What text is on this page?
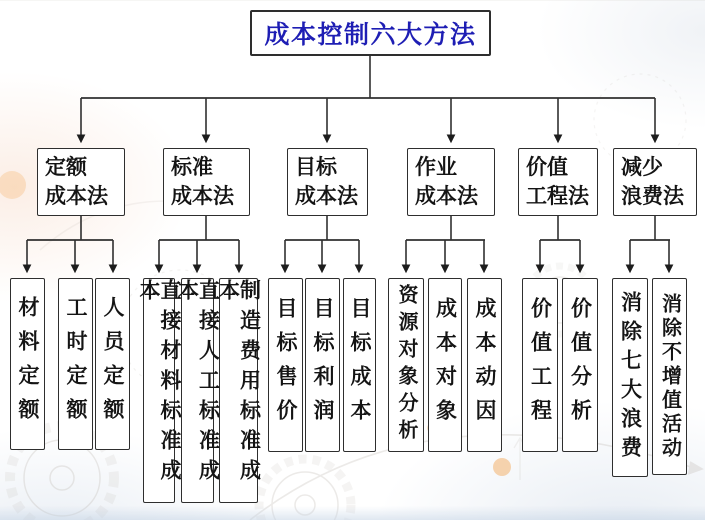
成本控制六大方法
定额
成本法
标准
成本法
目标
成本法
作业
成本法
价值
工程法
减少
浪费法
材料定额 工时定额 人员定额	直接材料标准成本	直接人工标准成本	制造费用标准成本
目标售价 目标利润 目标成本 资源对象分析 成本对象 成本动因 价值工程 价值分析 消除七大浪费 消除不增值活动
